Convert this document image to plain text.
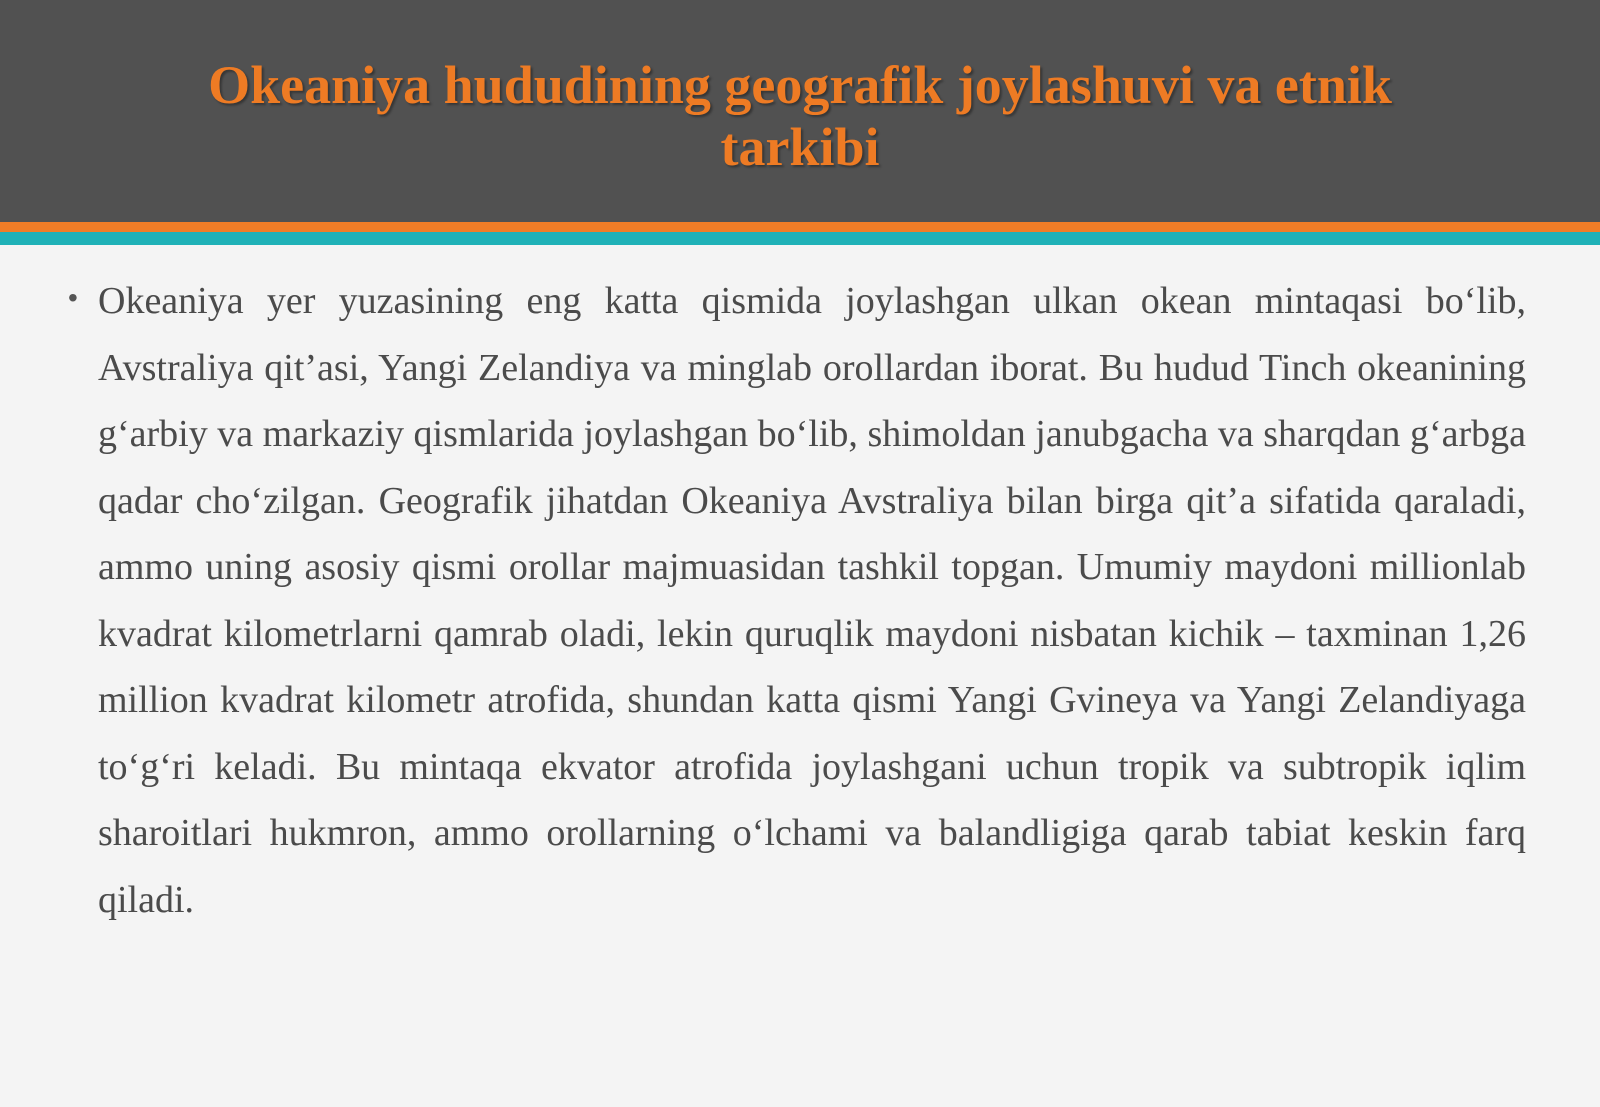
Okeaniya hududining geografik joylashuvi va etnik tarkibi
• Okeaniya yer yuzasining eng katta qismida joylashgan ulkan okean mintaqasi bo‘lib, Avstraliya qit’asi, Yangi Zelandiya va minglab orollardan iborat. Bu hudud Tinch okeanining g‘arbiy va markaziy qismlarida joylashgan bo‘lib, shimoldan janubgacha va sharqdan g‘arbga qadar cho‘zilgan. Geografik jihatdan Okeaniya Avstraliya bilan birga qit’a sifatida qaraladi, ammo uning asosiy qismi orollar majmuasidan tashkil topgan. Umumiy maydoni millionlab kvadrat kilometrlarni qamrab oladi, lekin quruqlik maydoni nisbatan kichik – taxminan 1,26 million kvadrat kilometr atrofida, shundan katta qismi Yangi Gvineya va Yangi Zelandiyaga to‘g‘ri keladi. Bu mintaqa ekvator atrofida joylashgani uchun tropik va subtropik iqlim sharoitlari hukmron, ammo orollarning o‘lchami va balandligiga qarab tabiat keskin farq qiladi.
